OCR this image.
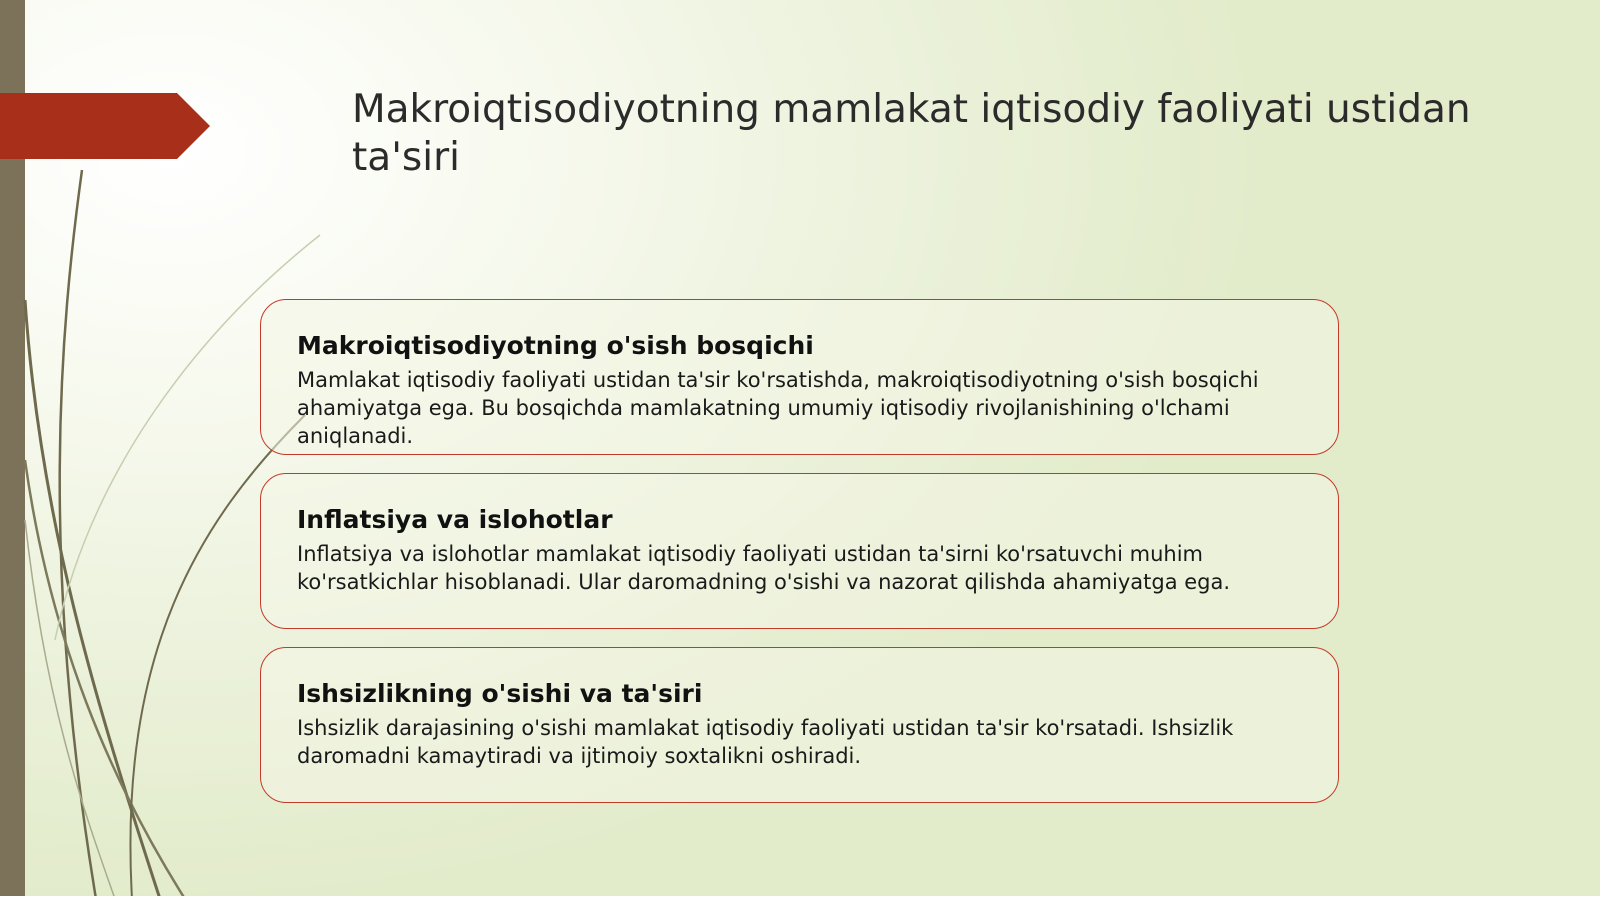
Makroiqtisodiyotning mamlakat iqtisodiy faoliyati ustidan ta'siri
Makroiqtisodiyotning o'sish bosqichi

Mamlakat iqtisodiy faoliyati ustidan ta'sir ko'rsatishda, makroiqtisodiyotning o'sish bosqichi ahamiyatga ega. Bu bosqichda mamlakatning umumiy iqtisodiy rivojlanishining o'lchami aniqlanadi.

Inflatsiya va islohotlar

Inflatsiya va islohotlar mamlakat iqtisodiy faoliyati ustidan ta'sirni ko'rsatuvchi muhim ko'rsatkichlar hisoblanadi. Ular daromadning o'sishi va nazorat qilishda ahamiyatga ega.

Ishsizlikning o'sishi va ta'siri

Ishsizlik darajasining o'sishi mamlakat iqtisodiy faoliyati ustidan ta'sir ko'rsatadi. Ishsizlik daromadni kamaytiradi va ijtimoiy soxtalikni oshiradi.
